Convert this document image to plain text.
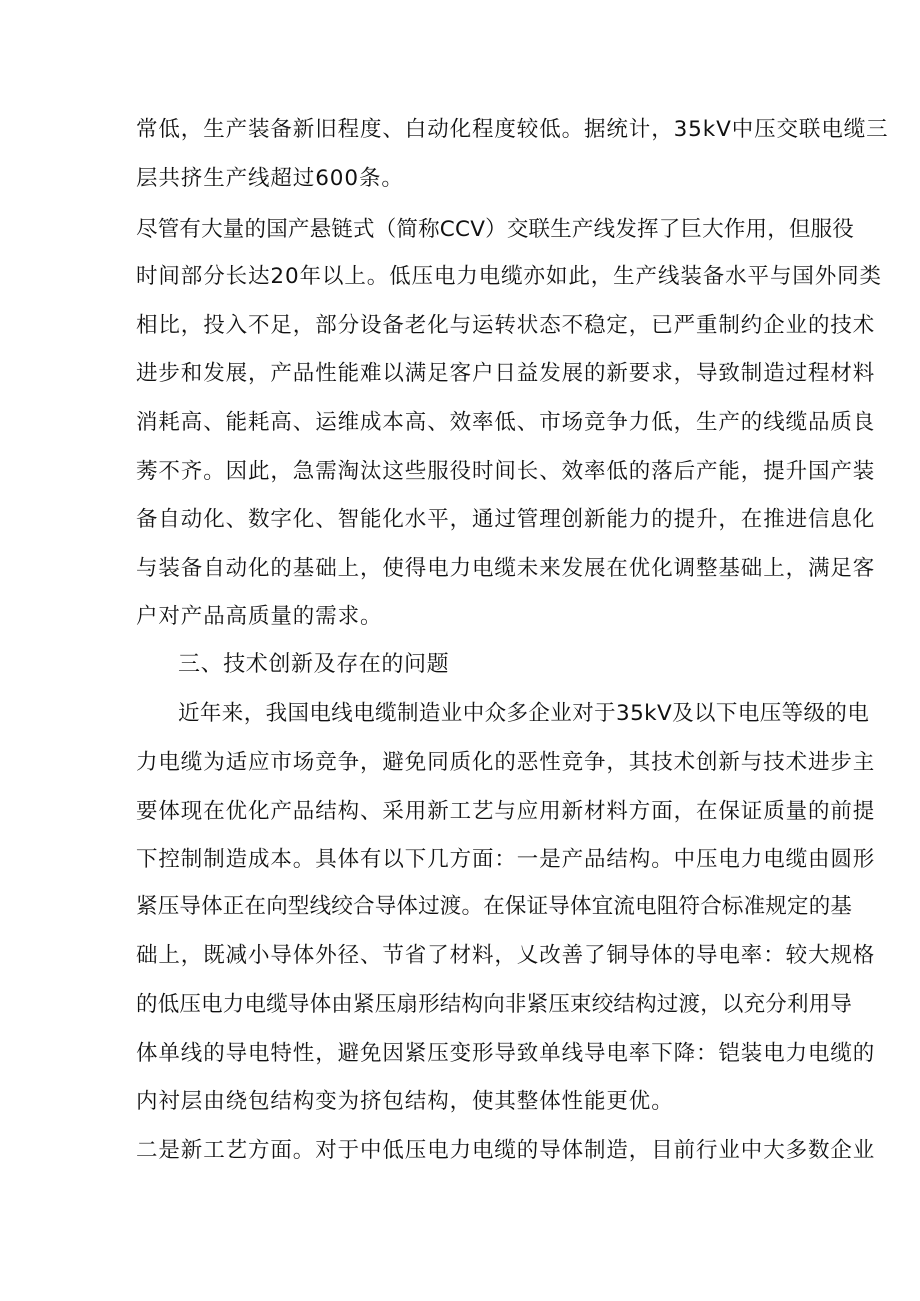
常低，生产装备新旧程度、白动化程度较低。据统计，35kV中压交联电缆三
层共挤生产线超过600条。
尽管有大量的国产悬链式（简称CCV）交联生产线发挥了巨大作用，但服役
时间部分长达20年以上。低压电力电缆亦如此，生产线装备水平与国外同类
相比，投入不足，部分设备老化与运转状态不稳定，已严重制约企业的技术
进步和发展，产品性能难以满足客户日益发展的新要求，导致制造过程材料
消耗高、能耗高、运维成本高、效率低、市场竞争力低，生产的线缆品质良
莠不齐。因此，急需淘汰这些服役时间长、效率低的落后产能，提升国产装
备自动化、数字化、智能化水平，通过管理创新能力的提升，在推进信息化
与装备自动化的基础上，使得电力电缆未来发展在优化调整基础上，满足客
户对产品高质量的需求。
三、技术创新及存在的问题
近年来，我国电线电缆制造业中众多企业对于35kV及以下电压等级的电
力电缆为适应市场竞争，避免同质化的恶性竞争，其技术创新与技术进步主
要体现在优化产品结构、采用新工艺与应用新材料方面，在保证质量的前提
下控制制造成本。具体有以下几方面：一是产品结构。中压电力电缆由圆形
紧压导体正在向型线绞合导体过渡。在保证导体宜流电阻符合标准规定的基
础上，既减小导体外径、节省了材料，乂改善了铜导体的导电率：较大规格
的低压电力电缆导体由紧压扇形结构向非紧压束绞结构过渡，以充分利用导
体单线的导电特性，避免因紧压变形导致单线导电率下降：铠装电力电缆的
内衬层由绕包结构变为挤包结构，使其整体性能更优。
二是新工艺方面。对于中低压电力电缆的导体制造，目前行业中大多数企业
